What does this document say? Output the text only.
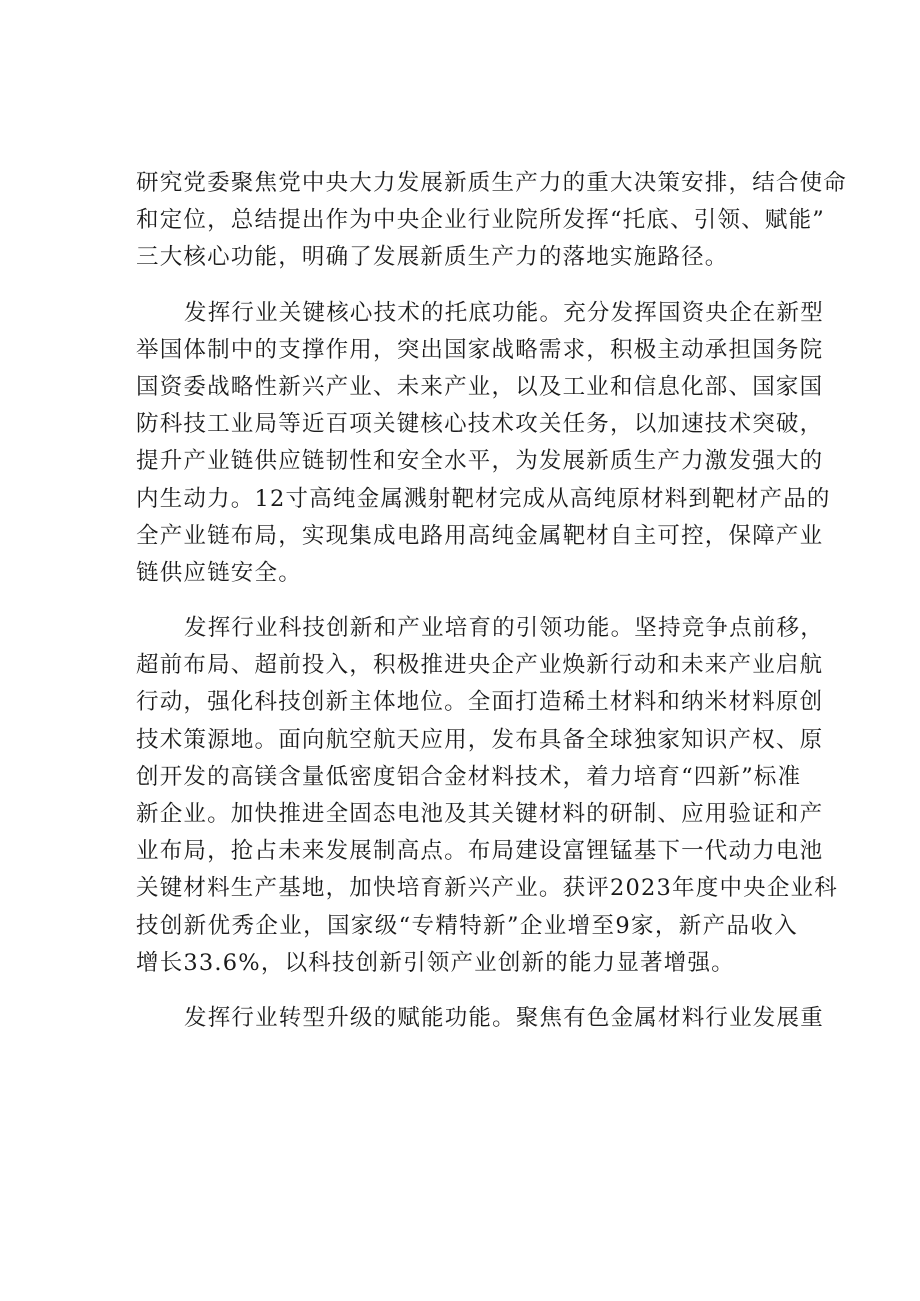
研究党委聚焦党中央大力发展新质生产力的重大决策安排，结合使命
和定位，总结提出作为中央企业行业院所发挥“托底、引领、赋能”
三大核心功能，明确了发展新质生产力的落地实施路径。
发挥行业关键核心技术的托底功能。充分发挥国资央企在新型
举国体制中的支撑作用，突出国家战略需求，积极主动承担国务院
国资委战略性新兴产业、未来产业，以及工业和信息化部、国家国
防科技工业局等近百项关键核心技术攻关任务，以加速技术突破，
提升产业链供应链韧性和安全水平，为发展新质生产力激发强大的
内生动力。12寸高纯金属溅射靶材完成从高纯原材料到靶材产品的
全产业链布局，实现集成电路用高纯金属靶材自主可控，保障产业
链供应链安全。
发挥行业科技创新和产业培育的引领功能。坚持竞争点前移，
超前布局、超前投入，积极推进央企产业焕新行动和未来产业启航
行动，强化科技创新主体地位。全面打造稀土材料和纳米材料原创
技术策源地。面向航空航天应用，发布具备全球独家知识产权、原
创开发的高镁含量低密度铝合金材料技术，着力培育“四新”标准
新企业。加快推进全固态电池及其关键材料的研制、应用验证和产
业布局，抢占未来发展制高点。布局建设富锂锰基下一代动力电池
关键材料生产基地，加快培育新兴产业。获评2023年度中央企业科
技创新优秀企业，国家级“专精特新”企业增至9家，新产品收入
增长33.6%，以科技创新引领产业创新的能力显著增强。
发挥行业转型升级的赋能功能。聚焦有色金属材料行业发展重
